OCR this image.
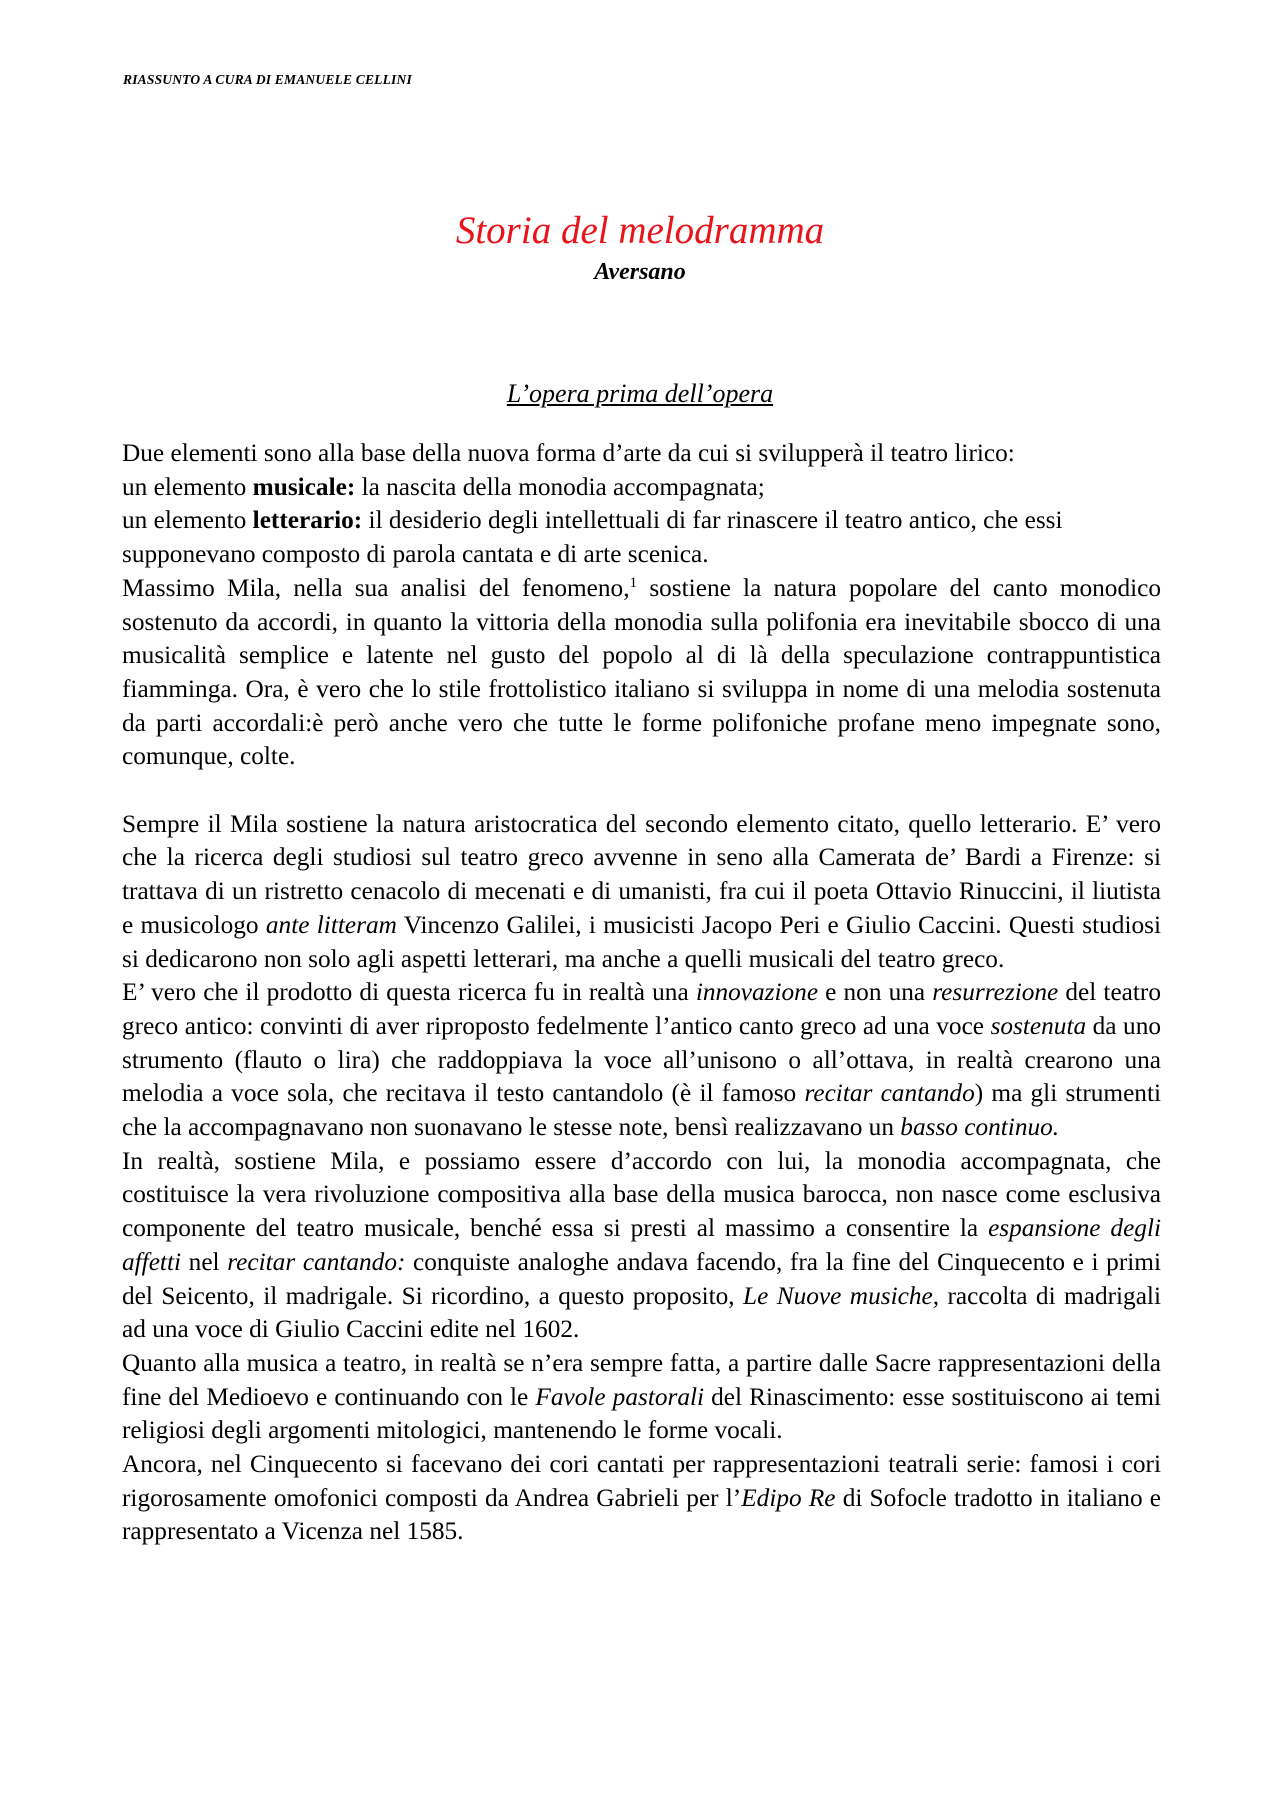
RIASSUNTO A CURA DI EMANUELE CELLINI
Storia del melodramma
Aversano
L’opera prima dell’opera

Due elementi sono alla base della nuova forma d’arte da cui si svilupperà il teatro lirico:

un elemento musicale: la nascita della monodia accompagnata;

un elemento letterario: il desiderio degli intellettuali di far rinascere il teatro antico, che essi supponevano composto di parola cantata e di arte scenica.

Massimo Mila, nella sua analisi del fenomeno,$^1$ sostiene la natura popolare del canto monodico sostenuto da accordi, in quanto la vittoria della monodia sulla polifonia era inevitabile sbocco di una musicalità semplice e latente nel gusto del popolo al di là della speculazione contrappuntistica fiamminga. Ora, è vero che lo stile frottolistico italiano si sviluppa in nome di una melodia sostenuta da parti accordali:è però anche vero che tutte le forme polifoniche profane meno impegnate sono, comunque, colte.

Sempre il Mila sostiene la natura aristocratica del secondo elemento citato, quello letterario. E’ vero che la ricerca degli studiosi sul teatro greco avvenne in seno alla Camerata de’ Bardi a Firenze: si trattava di un ristretto cenacolo di mecenati e di umanisti, fra cui il poeta Ottavio Rinuccini, il liutista e musicologo ante litteram Vincenzo Galilei, i musicisti Jacopo Peri e Giulio Caccini. Questi studiosi si dedicarono non solo agli aspetti letterari, ma anche a quelli musicali del teatro greco.

E’ vero che il prodotto di questa ricerca fu in realtà una innovazione e non una resurrezione del teatro greco antico: convinti di aver riproposto fedelmente l’antico canto greco ad una voce sostenuta da uno strumento (flauto o lira) che raddoppiava la voce all’unisono o all’ottava, in realtà crearono una melodia a voce sola, che recitava il testo cantandolo (è il famoso recitar cantando) ma gli strumenti che la accompagnavano non suonavano le stesse note, bensì realizzavano un basso continuo.

In realtà, sostiene Mila, e possiamo essere d’accordo con lui, la monodia accompagnata, che costituisce la vera rivoluzione compositiva alla base della musica barocca, non nasce come esclusiva componente del teatro musicale, benché essa si presti al massimo a consentire la espansione degli affetti nel recitar cantando: conquiste analoghe andava facendo, fra la fine del Cinquecento e i primi del Seicento, il madrigale. Si ricordino, a questo proposito, Le Nuove musiche, raccolta di madrigali ad una voce di Giulio Caccini edite nel 1602.

Quanto alla musica a teatro, in realtà se n’era sempre fatta, a partire dalle Sacre rappresentazioni della fine del Medioevo e continuando con le Favole pastorali del Rinascimento: esse sostituiscono ai temi religiosi degli argomenti mitologici, mantenendo le forme vocali.

Ancora, nel Cinquecento si facevano dei cori cantati per rappresentazioni teatrali serie: famosi i cori rigorosamente omofonici composti da Andrea Gabrieli per l’Edipo Re di Sofocle tradotto in italiano e rappresentato a Vicenza nel 1585.
